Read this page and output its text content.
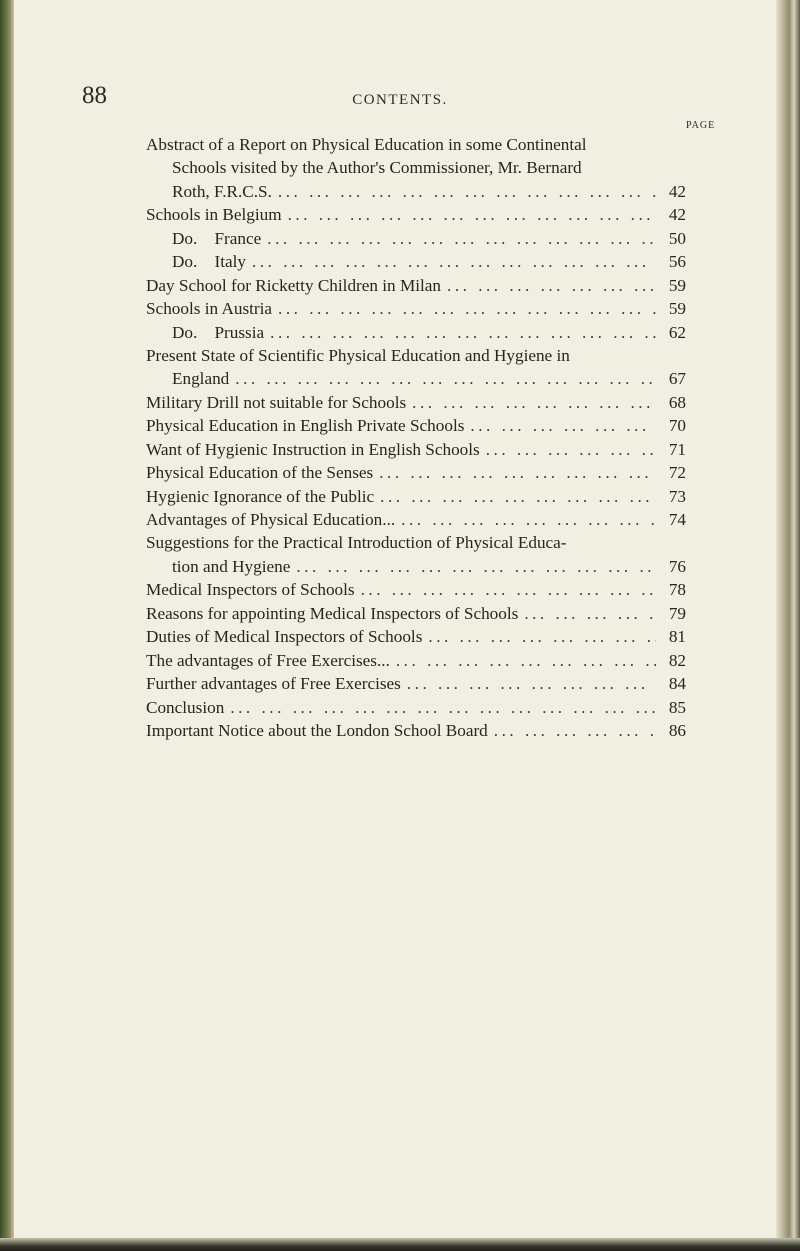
88	CONTENTS.
PAGE
Abstract of a Report on Physical Education in some Continental
Schools visited by the Author's Commissioner, Mr. Bernard
Roth, F.R.C.S. ... .	42
Schools in Belgium ... .	42
Do. France ... .	50
Do. Italy ... .	56
Day School for Ricketty Children in Milan ... .	59
Schools in Austria ... .	59
Do. Prussia ... .	62
Present State of Scientific Physical Education and Hygiene in
England ... .	67
Military Drill not suitable for Schools ... .	68
Physical Education in English Private Schools ... .	70
Want of Hygienic Instruction in English Schools ... .	71
Physical Education of the Senses ... .	72
Hygienic Ignorance of the Public ... .	73
Advantages of Physical Education... ... .	74
Suggestions for the Practical Introduction of Physical Educa-
tion and Hygiene ... .	76
Medical Inspectors of Schools ... .	78
Reasons for appointing Medical Inspectors of Schools ... .	79
Duties of Medical Inspectors of Schools ... .	81
The advantages of Free Exercises... ... .	82
Further advantages of Free Exercises ... .	84
Conclusion ... .	85
Important Notice about the London School Board ... .	86
